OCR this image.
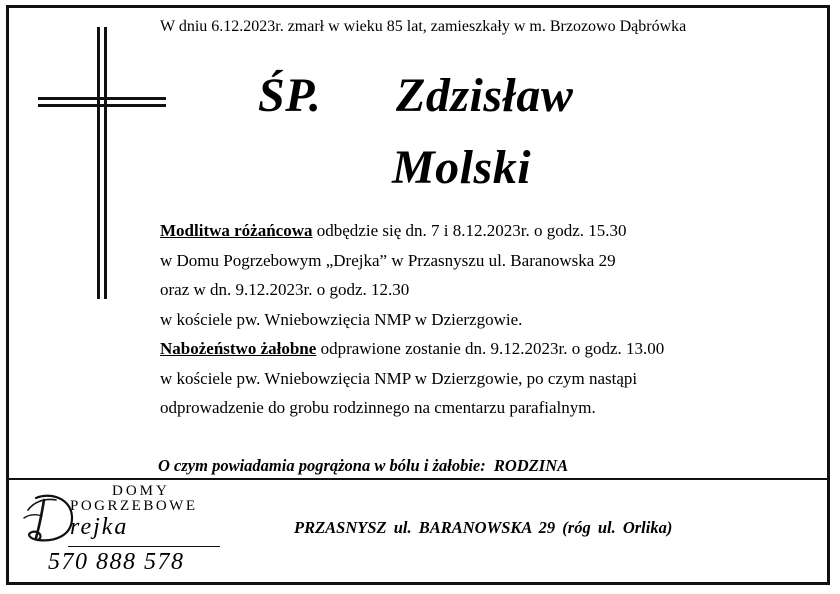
W dniu 6.12.2023r. zmarł w wieku 85 lat, zamieszkały w m. Brzozowo Dąbrówka
ŚP. Zdzisław
Molski
Modlitwa różańcowa odbędzie się dn. 7 i 8.12.2023r. o godz. 15.30
w Domu Pogrzebowym „Drejka” w Przasnyszu ul. Baranowska 29
oraz w dn. 9.12.2023r. o godz. 12.30
w kościele pw. Wniebowzięcia NMP w Dzierzgowie.
Nabożeństwo żałobne odprawione zostanie dn. 9.12.2023r. o godz. 13.00
w kościele pw. Wniebowzięcia NMP w Dzierzgowie, po czym nastąpi
odprowadzenie do grobu rodzinnego na cmentarzu parafialnym.
O czym powiadamia pogrążona w bólu i żałobie: RODZINA
DOMY
POGRZEBOWE
rejka
570 888 578
PRZASNYSZ ul. BARANOWSKA 29 (róg ul. Orlika)
